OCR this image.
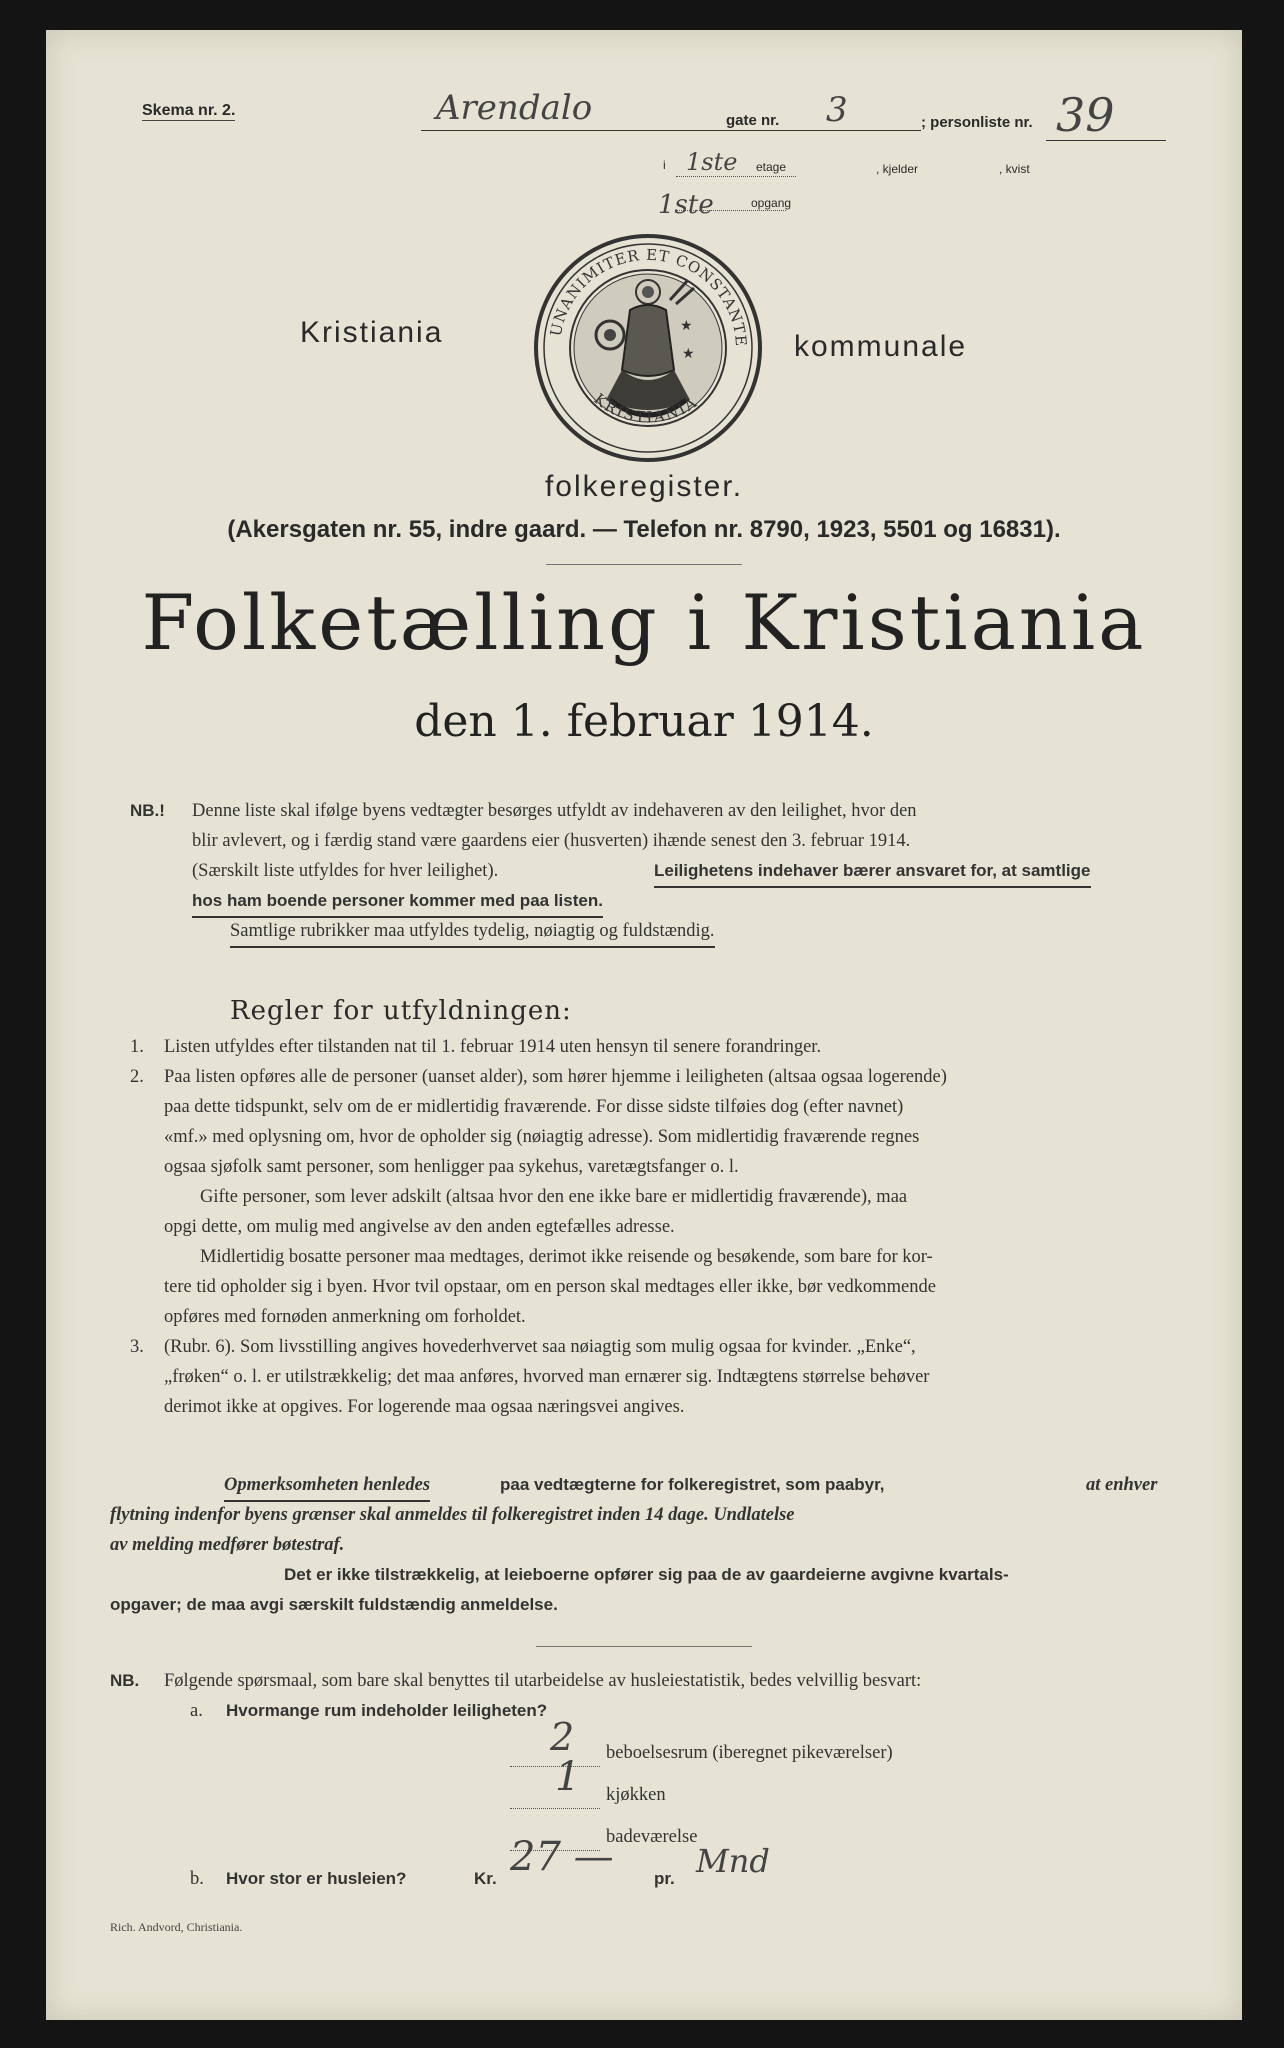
Skema nr. 2.	Arendalo	gate nr. 3	; personliste nr. 39
i 1ste etage	, kjelder	, kvist
1ste	opgang
Kristiania	kommunale
★
★
UNANIMITER ET CONSTANTE
KRISTIANIA
folkeregister.
(Akersgaten nr. 55, indre gaard. — Telefon nr. 8790, 1923, 5501 og 16831).
Folketælling i Kristiania
den 1. februar 1914.
NB.! Denne liste skal ifølge byens vedtægter besørges utfyldt av indehaveren av den leilighet, hvor den
blir avlevert, og i færdig stand være gaardens eier (husverten) ihænde senest den 3. februar 1914.
(Særskilt liste utfyldes for hver leilighet).	Leilighetens indehaver bærer ansvaret for, at samtlige
hos ham boende personer kommer med paa listen.
Samtlige rubrikker maa utfyldes tydelig, nøiagtig og fuldstændig.
Regler for utfyldningen:
1. Listen utfyldes efter tilstanden nat til 1. februar 1914 uten hensyn til senere forandringer.
2. Paa listen opføres alle de personer (uanset alder), som hører hjemme i leiligheten (altsaa ogsaa logerende)
paa dette tidspunkt, selv om de er midlertidig fraværende. For disse sidste tilføies dog (efter navnet)
«mf.» med oplysning om, hvor de opholder sig (nøiagtig adresse). Som midlertidig fraværende regnes
ogsaa sjøfolk samt personer, som henligger paa sykehus, varetægtsfanger o. l.
Gifte personer, som lever adskilt (altsaa hvor den ene ikke bare er midlertidig fraværende), maa
opgi dette, om mulig med angivelse av den anden egtefælles adresse.
Midlertidig bosatte personer maa medtages, derimot ikke reisende og besøkende, som bare for kor-
tere tid opholder sig i byen. Hvor tvil opstaar, om en person skal medtages eller ikke, bør vedkommende
opføres med fornøden anmerkning om forholdet.
3. (Rubr. 6). Som livsstilling angives hovederhvervet saa nøiagtig som mulig ogsaa for kvinder. „Enke“,
„frøken“ o. l. er utilstrækkelig; det maa anføres, hvorved man ernærer sig. Indtægtens størrelse behøver
derimot ikke at opgives. For logerende maa ogsaa næringsvei angives.
Opmerksomheten henledes	paa vedtægterne for folkeregistret, som paabyr,	at enhver
flytning indenfor byens grænser skal anmeldes til folkeregistret inden 14 dage. Undlatelse
av melding medfører bøtestraf.
Det er ikke tilstrækkelig, at leieboerne opfører sig paa de av gaardeierne avgivne kvartals-
opgaver; de maa avgi særskilt fuldstændig anmeldelse.
NB. Følgende spørsmaal, som bare skal benyttes til utarbeidelse av husleiestatistik, bedes velvillig besvart:
a. Hvormange rum indeholder leiligheten?
2 beboelsesrum (iberegnet pikeværelser)
1 kjøkken
badeværelse
b. Hvor stor er husleien?	Kr. 27 — pr. Mnd
Rich. Andvord, Christiania.
